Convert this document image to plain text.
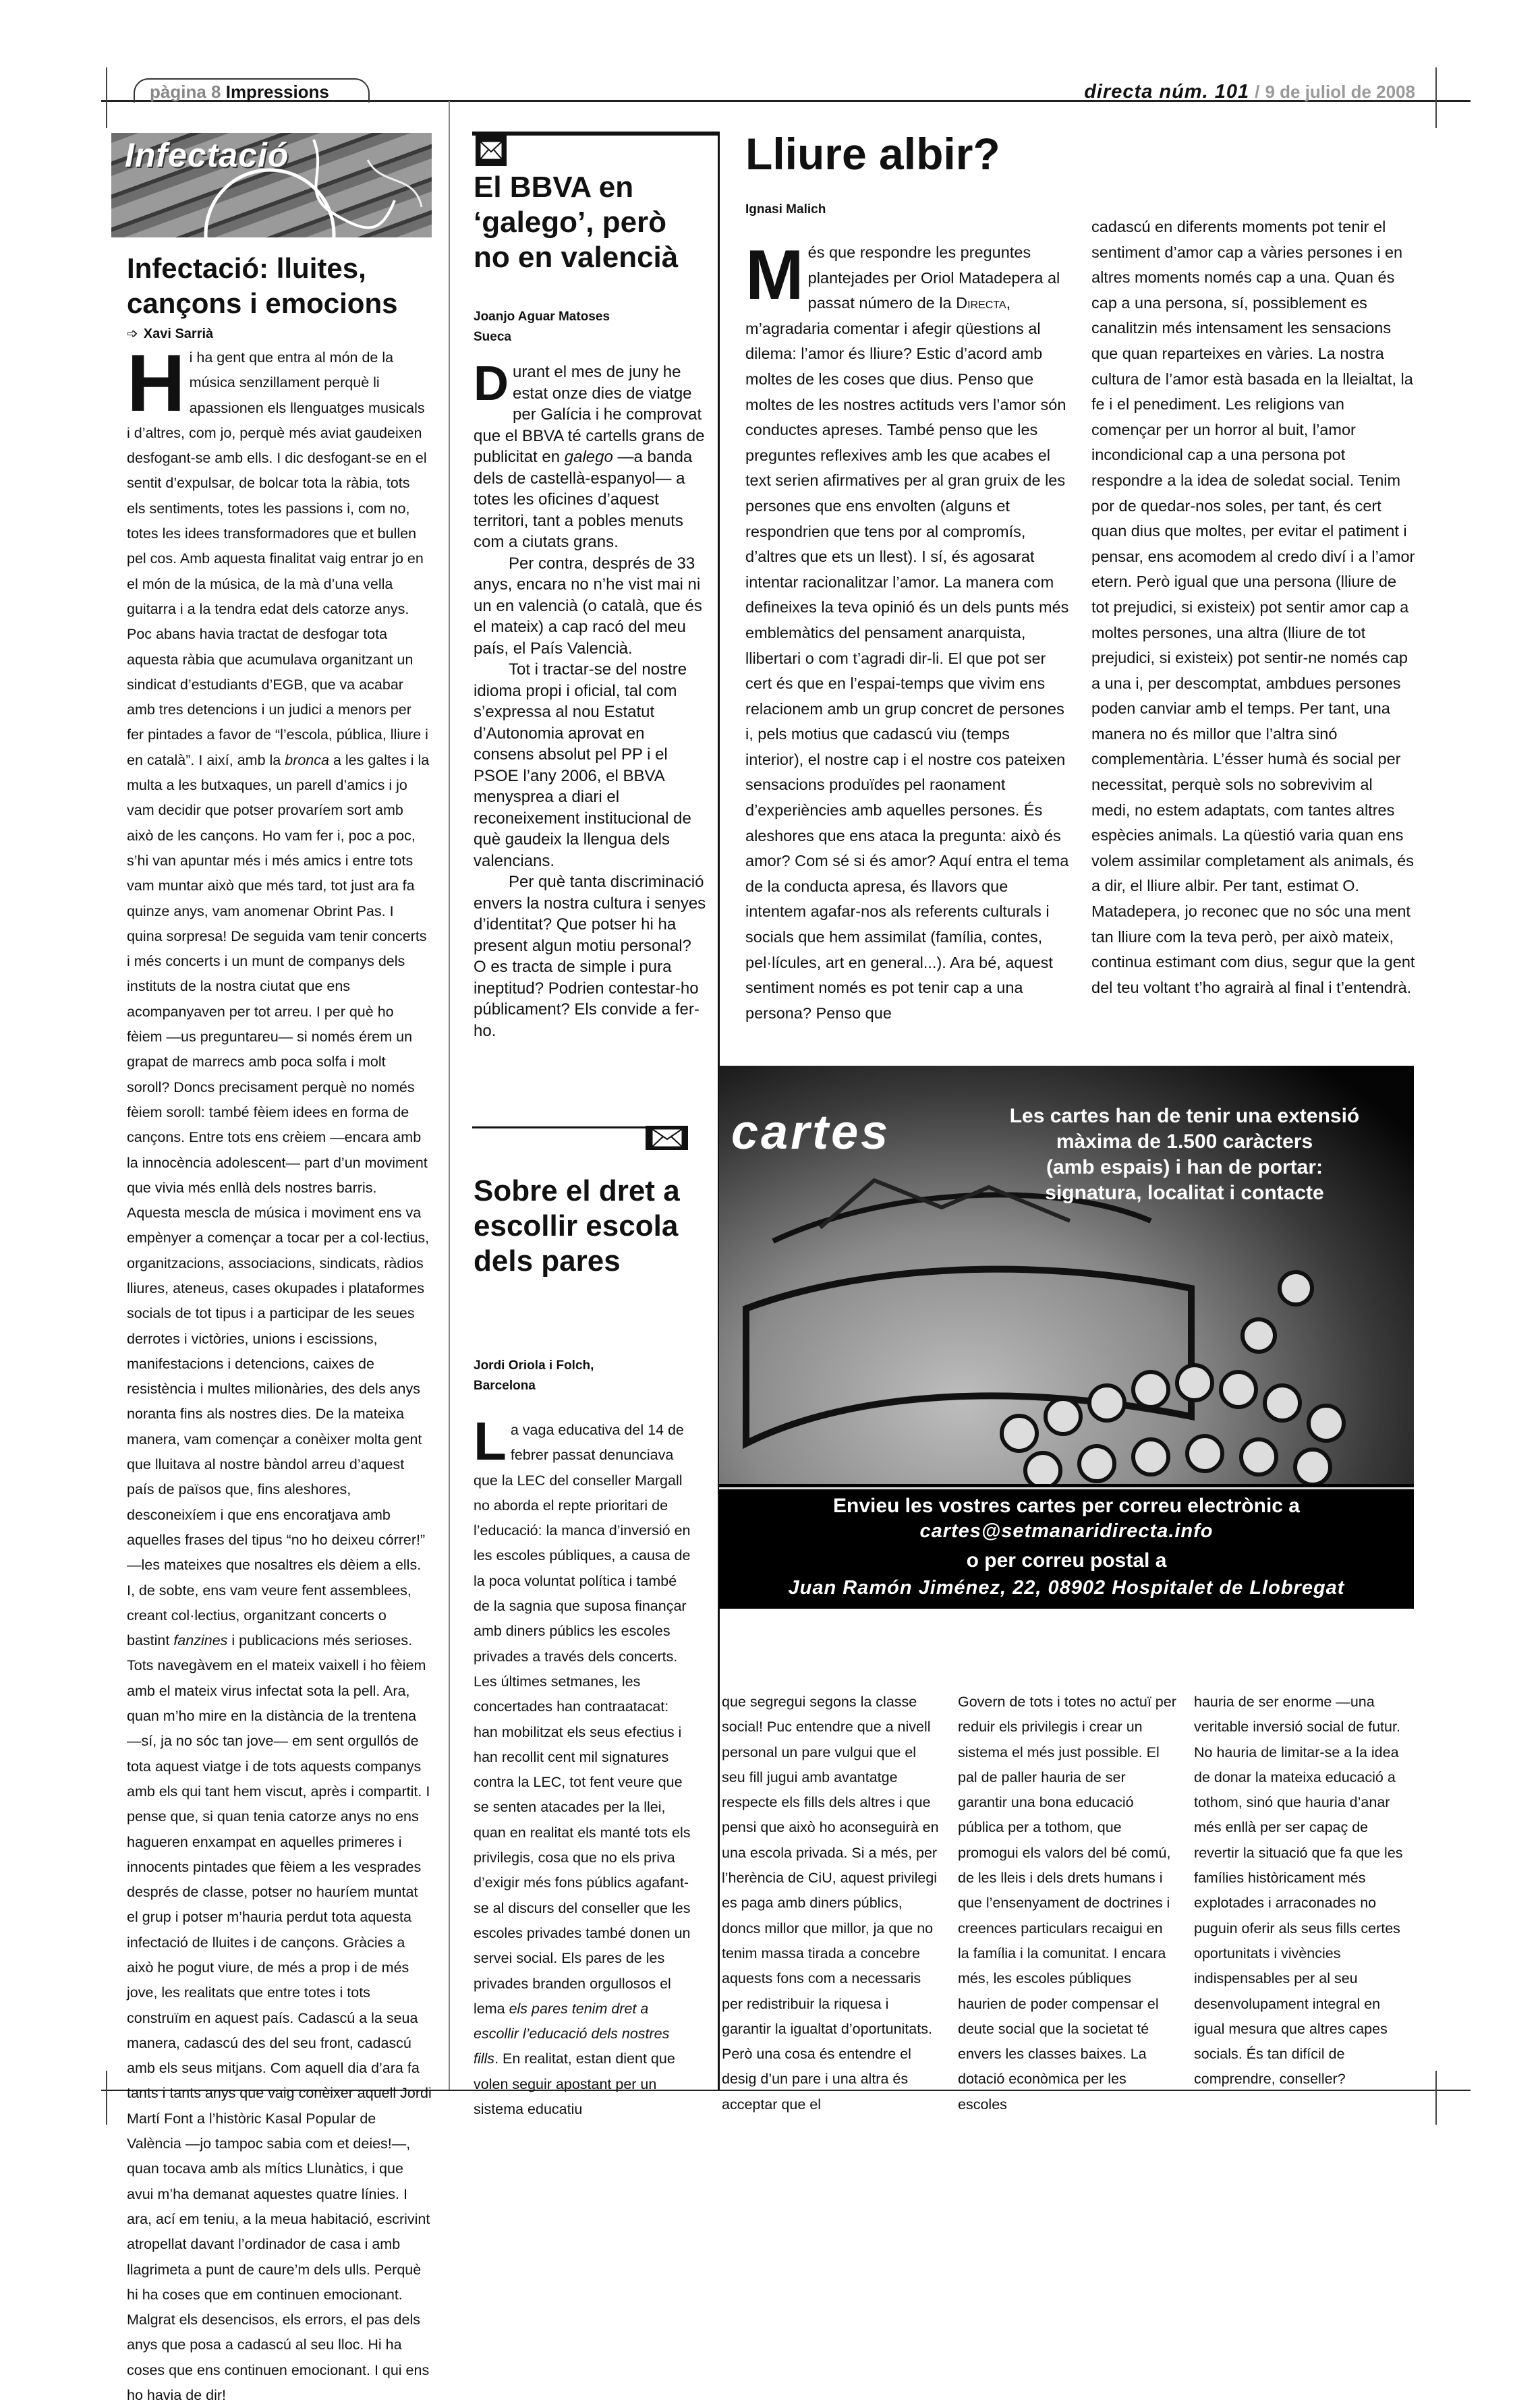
pàgina 8 Impressions	directa núm. 101 / 9 de juliol de 2008
Infectació
Infectació: lluites, cançons i emocions
➩ Xavi Sarrià
H i ha gent que entra al món de la música senzillament perquè li apassionen els llenguatges musicals i d’altres, com jo, perquè més aviat gaudeixen desfogant-se amb ells. I dic desfogant-se en el sentit d’expulsar, de bolcar tota la ràbia, tots els sentiments, totes les passions i, com no, totes les idees transformadores que et bullen pel cos. Amb aquesta finalitat vaig entrar jo en el món de la música, de la mà d’una vella guitarra i a la tendra edat dels catorze anys. Poc abans havia tractat de desfogar tota aquesta ràbia que acumulava organitzant un sindicat d’estudiants d’EGB, que va acabar amb tres detencions i un judici a menors per fer pintades a favor de “l’escola, pública, lliure i en català”. I així, amb la bronca a les galtes i la multa a les butxaques, un parell d’amics i jo vam decidir que potser provaríem sort amb això de les cançons. Ho vam fer i, poc a poc, s’hi van apuntar més i més amics i entre tots vam muntar això que més tard, tot just ara fa quinze anys, vam anomenar Obrint Pas. I quina sorpresa! De seguida vam tenir concerts i més concerts i un munt de companys dels instituts de la nostra ciutat que ens acompanyaven per tot arreu. I per què ho fèiem —us preguntareu— si només érem un grapat de marrecs amb poca solfa i molt soroll? Doncs precisament perquè no només fèiem soroll: també fèiem idees en forma de cançons. Entre tots ens crèiem —encara amb la innocència adolescent— part d’un moviment que vivia més enllà dels nostres barris. Aquesta mescla de música i moviment ens va empènyer a començar a tocar per a col·lectius, organitzacions, associacions, sindicats, ràdios lliures, ateneus, cases okupades i plataformes socials de tot tipus i a participar de les seues derrotes i victòries, unions i escissions, manifestacions i detencions, caixes de resistència i multes milionàries, des dels anys noranta fins als nostres dies. De la mateixa manera, vam començar a conèixer molta gent que lluitava al nostre bàndol arreu d’aquest país de països que, fins aleshores, desconeixíem i que ens encoratjava amb aquelles frases del tipus “no ho deixeu córrer!” —les mateixes que nosaltres els dèiem a ells. I, de sobte, ens vam veure fent assemblees, creant col·lectius, organitzant concerts o bastint fanzines i publicacions més serioses. Tots navegàvem en el mateix vaixell i ho fèiem amb el mateix virus infectat sota la pell. Ara, quan m’ho mire en la distància de la trentena —sí, ja no sóc tan jove— em sent orgullós de tota aquest viatge i de tots aquests companys amb els qui tant hem viscut, après i compartit. I pense que, si quan tenia catorze anys no ens hagueren enxampat en aquelles primeres i innocents pintades que fèiem a les vesprades després de classe, potser no hauríem muntat el grup i potser m’hauria perdut tota aquesta infectació de lluites i de cançons. Gràcies a això he pogut viure, de més a prop i de més jove, les realitats que entre totes i tots construïm en aquest país. Cadascú a la seua manera, cadascú des del seu front, cadascú amb els seus mitjans. Com aquell dia d’ara fa tants i tants anys que vaig conèixer aquell Jordi Martí Font a l’històric Kasal Popular de València —jo tampoc sabia com et deies!—, quan tocava amb als mítics Llunàtics, i que avui m’ha demanat aquestes quatre línies. I ara, ací em teniu, a la meua habitació, escrivint atropellat davant l’ordinador de casa i amb llagrimeta a punt de caure’m dels ulls. Perquè hi ha coses que em continuen emocionant. Malgrat els desencisos, els errors, el pas dels anys que posa a cadascú al seu lloc. Hi ha coses que ens continuen emocionant. I qui ens ho havia de dir!
El BBVA en ‘galego’, però no en valencià
Joanjo Aguar Matoses
Sueca

Durant el mes de juny he estat onze dies de viatge per Galícia i he comprovat que el BBVA té cartells grans de publicitat en galego —a banda dels de castellà-espanyol— a totes les oficines d’aquest territori, tant a pobles menuts com a ciutats grans.

Per contra, després de 33 anys, encara no n’he vist mai ni un en valencià (o català, que és el mateix) a cap racó del meu país, el País Valencià.

Tot i tractar-se del nostre idioma propi i oficial, tal com s’expressa al nou Estatut d’Autonomia aprovat en consens absolut pel PP i el PSOE l’any 2006, el BBVA menysprea a diari el reconeixement institucional de què gaudeix la llengua dels valencians.

Per què tanta discriminació envers la nostra cultura i senyes d’identitat? Que potser hi ha present algun motiu personal? O es tracta de simple i pura ineptitud? Podrien contestar-ho públicament? Els convide a fer-ho.

Sobre el dret a escollir escola dels pares
Jordi Oriola i Folch,
Barcelona
L a vaga educativa del 14 de febrer passat denunciava que la LEC del conseller Margall no aborda el repte prioritari de l’educació: la manca d’inversió en les escoles públiques, a causa de la poca voluntat política i també de la sagnia que suposa finançar amb diners públics les escoles privades a través dels concerts. Les últimes setmanes, les concertades han contraatacat: han mobilitzat els seus efectius i han recollit cent mil signatures contra la LEC, tot fent veure que se senten atacades per la llei, quan en realitat els manté tots els privilegis, cosa que no els priva d’exigir més fons públics agafant-se al discurs del conseller que les escoles privades també donen un servei social. Els pares de les privades branden orgullosos el lema els pares tenim dret a escollir l’educació dels nostres fills. En realitat, estan dient que volen seguir apostant per un sistema educatiu
Lliure albir?
Ignasi Malich
M és que respondre les preguntes plantejades per Oriol Matadepera al passat número de la Directa, m’agradaria comentar i afegir qüestions al dilema: l’amor és lliure? Estic d’acord amb moltes de les coses que dius. Penso que moltes de les nostres actituds vers l’amor són conductes apreses. També penso que les preguntes reflexives amb les que acabes el text serien afirmatives per al gran gruix de les persones que ens envolten (alguns et respondrien que tens por al compromís, d’altres que ets un llest). I sí, és agosarat intentar racionalitzar l’amor. La manera com defineixes la teva opinió és un dels punts més emblemàtics del pensament anarquista, llibertari o com t’agradi dir-li. El que pot ser cert és que en l’espai-temps que vivim ens relacionem amb un grup concret de persones i, pels motius que cadascú viu (temps interior), el nostre cap i el nostre cos pateixen sensacions produïdes pel raonament d’experiències amb aquelles persones. És aleshores que ens ataca la pregunta: això és amor? Com sé si és amor? Aquí entra el tema de la conducta apresa, és llavors que intentem agafar-nos als referents culturals i socials que hem assimilat (família, contes, pel·lícules, art en general...). Ara bé, aquest sentiment només es pot tenir cap a una persona? Penso que
cadascú en diferents moments pot tenir el sentiment d’amor cap a vàries persones i en altres moments només cap a una. Quan és cap a una persona, sí, possiblement es canalitzin més intensament les sensacions que quan reparteixes en vàries. La nostra cultura de l’amor està basada en la lleialtat, la fe i el penediment. Les religions van començar per un horror al buit, l’amor incondicional cap a una persona pot respondre a la idea de soledat social. Tenim por de quedar-nos soles, per tant, és cert quan dius que moltes, per evitar el patiment i pensar, ens acomodem al credo diví i a l’amor etern. Però igual que una persona (lliure de tot prejudici, si existeix) pot sentir amor cap a moltes persones, una altra (lliure de tot prejudici, si existeix) pot sentir-ne només cap a una i, per descomptat, ambdues persones poden canviar amb el temps. Per tant, una manera no és millor que l’altra sinó complementària. L’ésser humà és social per necessitat, perquè sols no sobrevivim al medi, no estem adaptats, com tantes altres espècies animals. La qüestió varia quan ens volem assimilar completament als animals, és a dir, el lliure albir. Per tant, estimat O. Matadepera, jo reconec que no sóc una ment tan lliure com la teva però, per això mateix, continua estimant com dius, segur que la gent del teu voltant t’ho agrairà al final i t’entendrà.
cartes	Les cartes han de tenir una extensió
màxima de 1.500 caràcters
(amb espais) i han de portar:
signatura, localitat i contacte
Envieu les vostres cartes per correu electrònic a
cartes@setmanaridirecta.info
o per correu postal a
Juan Ramón Jiménez, 22, 08902 Hospitalet de Llobregat
que segregui segons la classe social! Puc entendre que a nivell personal un pare vulgui que el seu fill jugui amb avantatge respecte els fills dels altres i que pensi que això ho aconseguirà en una escola privada. Si a més, per l’herència de CiU, aquest privilegi es paga amb diners públics, doncs millor que millor, ja que no tenim massa tirada a concebre aquests fons com a necessaris per redistribuir la riquesa i garantir la igualtat d’oportunitats. Però una cosa és entendre el desig d’un pare i una altra és acceptar que el
Govern de tots i totes no actuï per reduir els privilegis i crear un sistema el més just possible. El pal de paller hauria de ser garantir una bona educació pública per a tothom, que promogui els valors del bé comú, de les lleis i dels drets humans i que l’ensenyament de doctrines i creences particulars recaigui en la família i la comunitat. I encara més, les escoles públiques haurien de poder compensar el deute social que la societat té envers les classes baixes. La dotació econòmica per les escoles
hauria de ser enorme —una veritable inversió social de futur. No hauria de limitar-se a la idea de donar la mateixa educació a tothom, sinó que hauria d’anar més enllà per ser capaç de revertir la situació que fa que les famílies històricament més explotades i arraconades no puguin oferir als seus fills certes oportunitats i vivències indispensables per al seu desenvolupament integral en igual mesura que altres capes socials. És tan difícil de comprendre, conseller?
